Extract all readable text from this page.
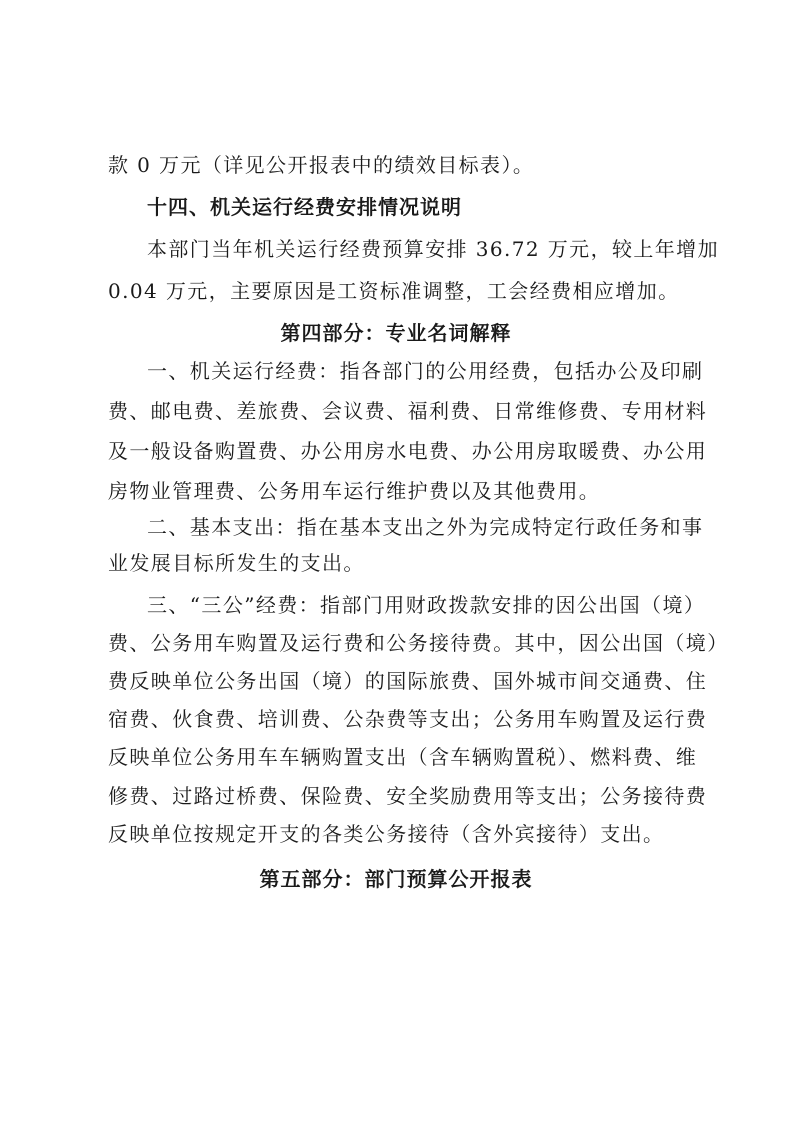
款 0 万元（详见公开报表中的绩效目标表）。
十四、机关运行经费安排情况说明
本部门当年机关运行经费预算安排 36.72 万元，较上年增加
0.04 万元，主要原因是工资标准调整，工会经费相应增加。
第四部分：专业名词解释
一、机关运行经费：指各部门的公用经费，包括办公及印刷
费、邮电费、差旅费、会议费、福利费、日常维修费、专用材料
及一般设备购置费、办公用房水电费、办公用房取暖费、办公用
房物业管理费、公务用车运行维护费以及其他费用。
二、基本支出：指在基本支出之外为完成特定行政任务和事
业发展目标所发生的支出。
三、“三公”经费：指部门用财政拨款安排的因公出国（境）
费、公务用车购置及运行费和公务接待费。其中，因公出国（境）
费反映单位公务出国（境）的国际旅费、国外城市间交通费、住
宿费、伙食费、培训费、公杂费等支出；公务用车购置及运行费
反映单位公务用车车辆购置支出（含车辆购置税）、燃料费、维
修费、过路过桥费、保险费、安全奖励费用等支出；公务接待费
反映单位按规定开支的各类公务接待（含外宾接待）支出。
第五部分：部门预算公开报表
